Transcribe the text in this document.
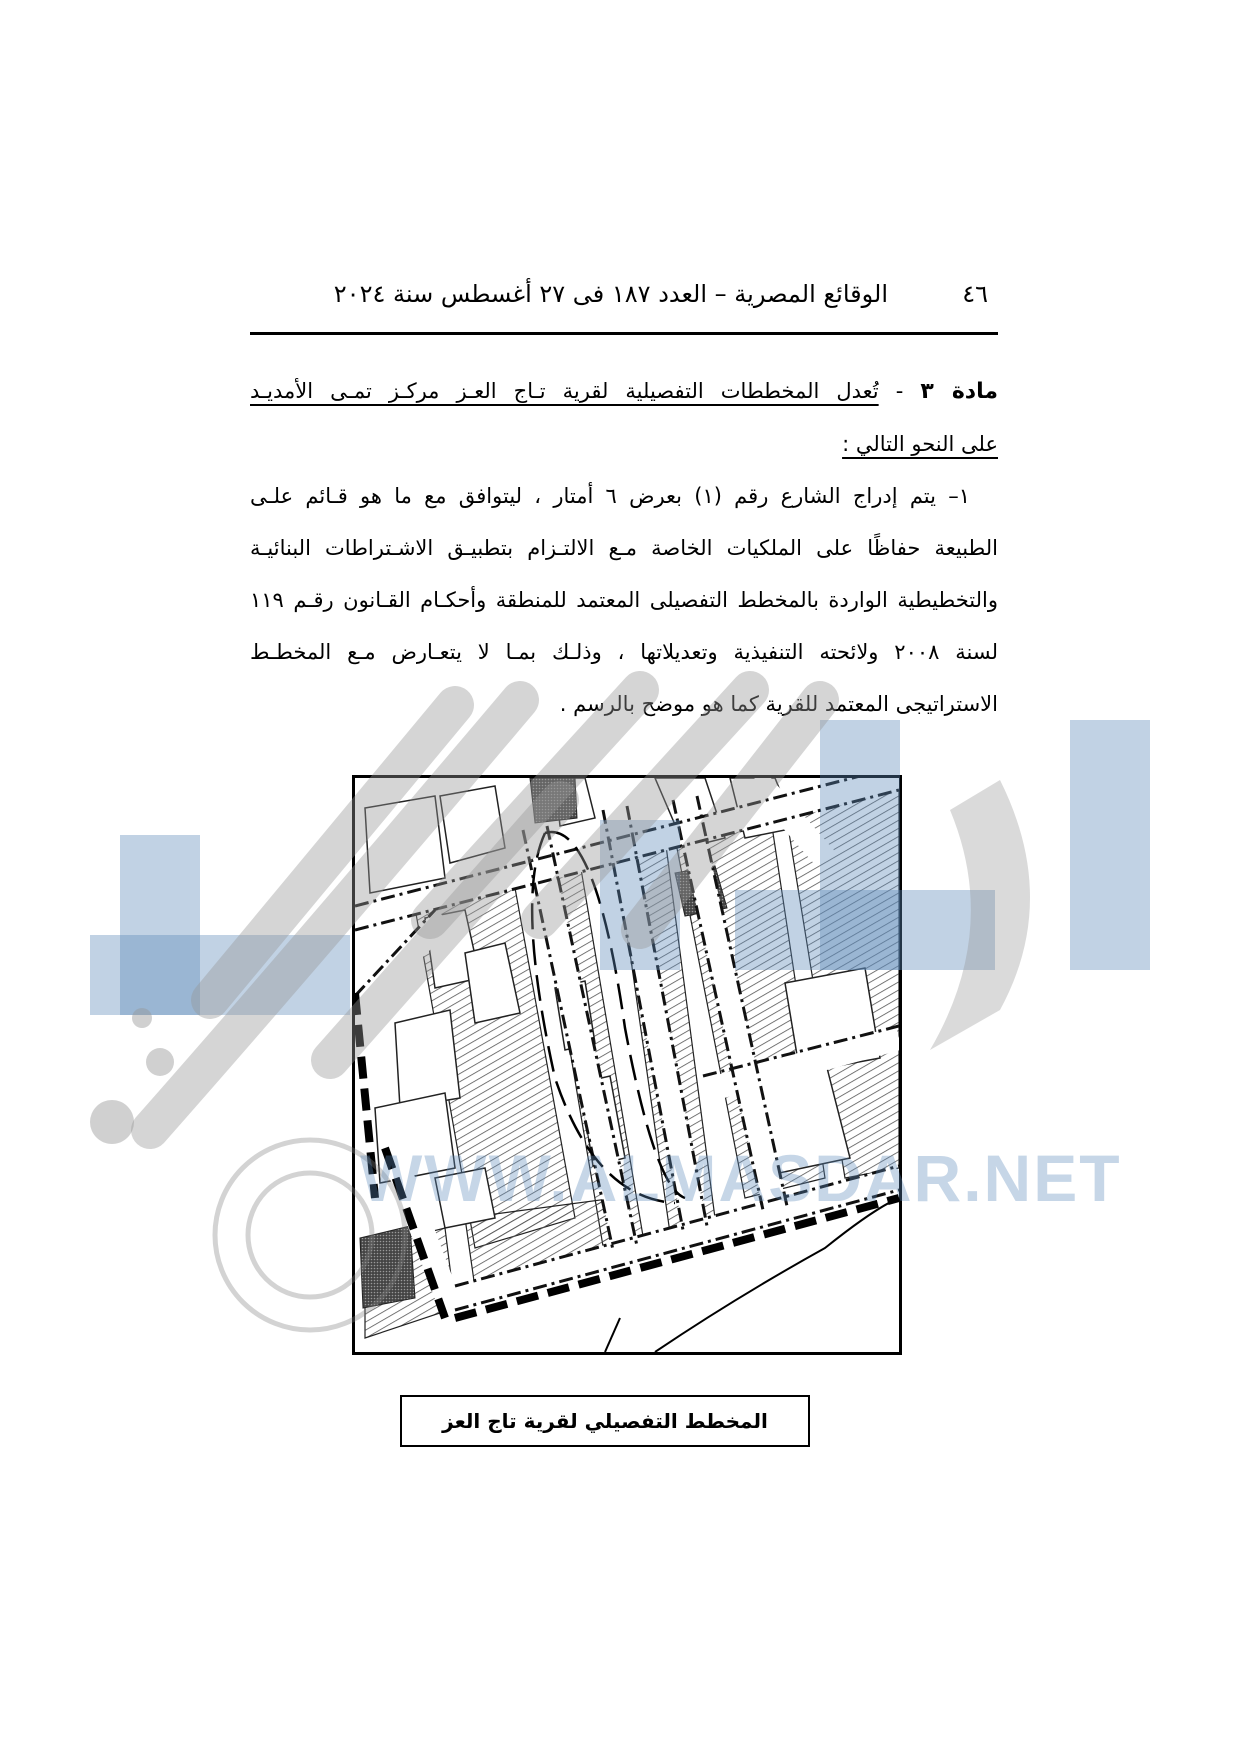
WWW.ALMASDAR.NET
٤٦
الوقائع المصرية – العدد ١٨٧ فى ٢٧ أغسطس سنة ٢٠٢٤
مادة ٣ - تُعدل المخططات التفصيلية لقرية تـاج العـز مركـز تمـى الأمديـد
على النحو التالي :
١– يتم إدراج الشارع رقم (١) بعرض ٦ أمتار ، ليتوافق مع ما هو قـائم علـى
الطبيعة حفاظًا على الملكيات الخاصة مـع الالتـزام بتطبيـق الاشـتراطات البنائيـة
والتخطيطية الواردة بالمخطط التفصيلى المعتمد للمنطقة وأحكـام القـانون رقـم ١١٩
لسنة ٢٠٠٨ ولائحته التنفيذية وتعديلاتها ، وذلـك بمـا لا يتعـارض مـع المخطـط
الاستراتيجى المعتمد للقرية كما هو موضح بالرسم .
المخطط التفصيلي لقرية تاج العز
